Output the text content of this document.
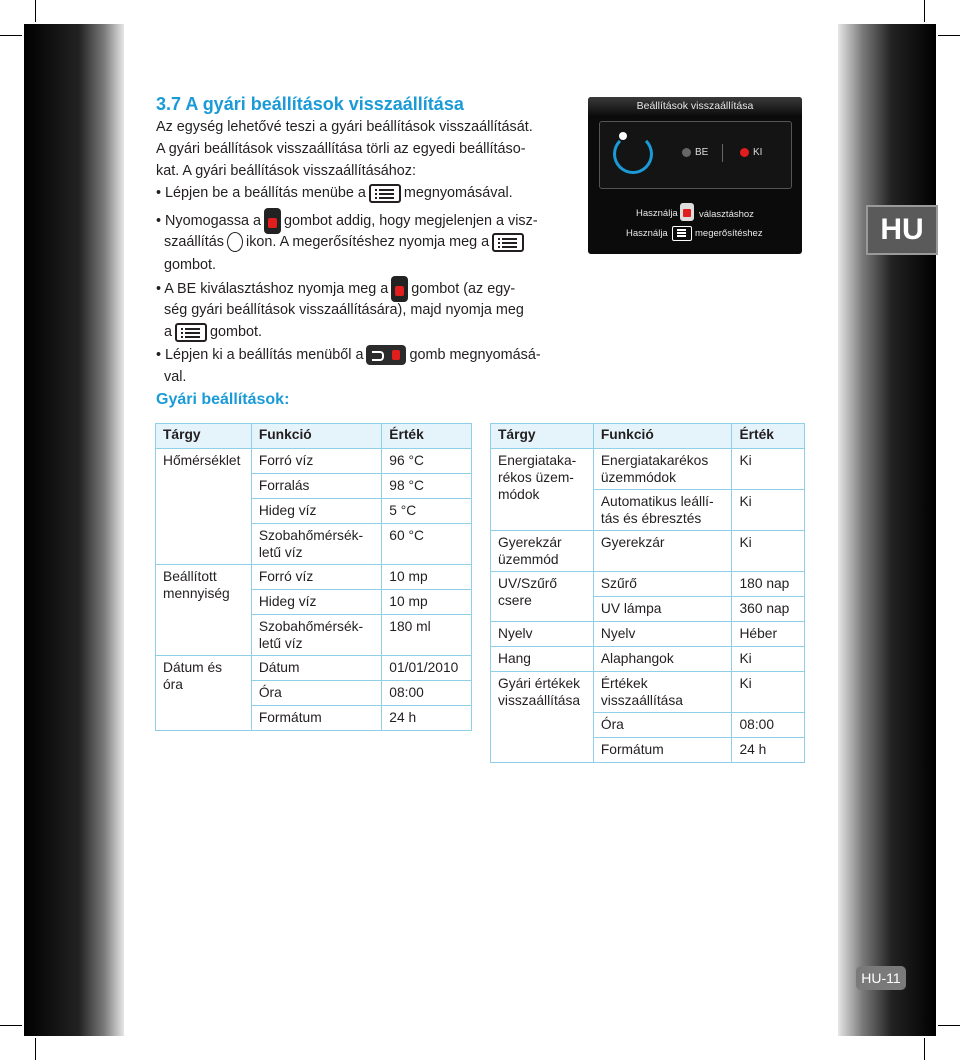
HU
HU-11
3.7 A gyári beállítások visszaállítása
Az egység lehetővé teszi a gyári beállítások visszaállítását.
A gyári beállítások visszaállítása törli az egyedi beállításo-
kat. A gyári beállítások visszaállításához:
• Lépjen be a beállítás menübe a	megnyomásával.
• Nyomogassa a gombot addig, hogy megjelenjen a visz-
szaállítás ikon. A megerősítéshez nyomja meg a
gombot.
• A BE kiválasztáshoz nyomja meg a gombot (az egy-
ség gyári beállítások visszaállítására), majd nyomja meg
a	gombot.
• Lépjen ki a beállítás menüből a	gomb megnyomásá-
val.
Gyári beállítások:
Beállítások visszaállítása
BE	KI
Használja választáshoz
Használja	megerősítéshez
Tárgy	Funkció	Érték
Hőmérséklet	Forró víz	96 °C
	Forralás	98 °C
	Hideg víz	5 °C
	Szobahőmérsék-
letű víz	60 °C
Beállított
mennyiség	Forró víz	10 mp
	Hideg víz	10 mp
	Szobahőmérsék-
letű víz	180 ml
Dátum és
óra	Dátum	01/01/2010
	Óra	08:00
	Formátum	24 h
Tárgy	Funkció	Érték
Energiataka-
rékos üzem-
módok	Energiatakarékos
üzemmódok	Ki
	Automatikus leállí-
tás és ébresztés	Ki
Gyerekzár
üzemmód	Gyerekzár	Ki
UV/Szűrő
csere	Szűrő	180 nap
	UV lámpa	360 nap
Nyelv	Nyelv	Héber
Hang	Alaphangok	Ki
Gyári értékek
visszaállítása	Értékek
visszaállítása	Ki
	Óra	08:00
	Formátum	24 h
